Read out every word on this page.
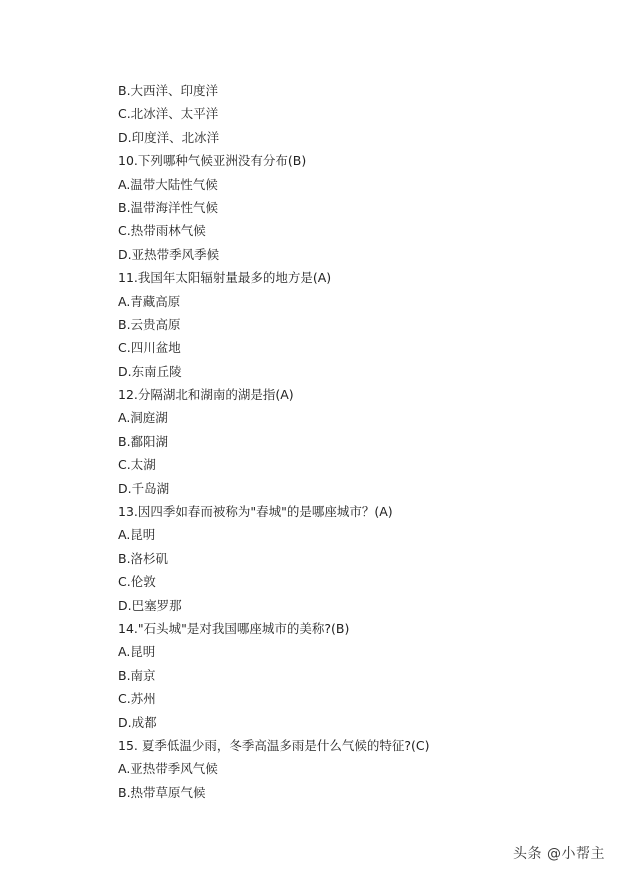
B.大西洋、印度洋
C.北冰洋、太平洋
D.印度洋、北冰洋
10.下列哪种气候亚洲没有分布(B)
A.温带大陆性气候
B.温带海洋性气候
C.热带雨林气候
D.亚热带季风季候
11.我国年太阳辐射量最多的地方是(A)
A.青藏高原
B.云贵高原
C.四川盆地
D.东南丘陵
12.分隔湖北和湖南的湖是指(A)
A.洞庭湖
B.鄱阳湖
C.太湖
D.千岛湖
13.因四季如春而被称为"春城"的是哪座城市？(A)
A.昆明
B.洛杉矶
C.伦敦
D.巴塞罗那
14."石头城"是对我国哪座城市的美称?(B)
A.昆明
B.南京
C.苏州
D.成都
15. 夏季低温少雨，冬季高温多雨是什么气候的特征?(C)
A.亚热带季风气候
B.热带草原气候
头条 @小帮主
